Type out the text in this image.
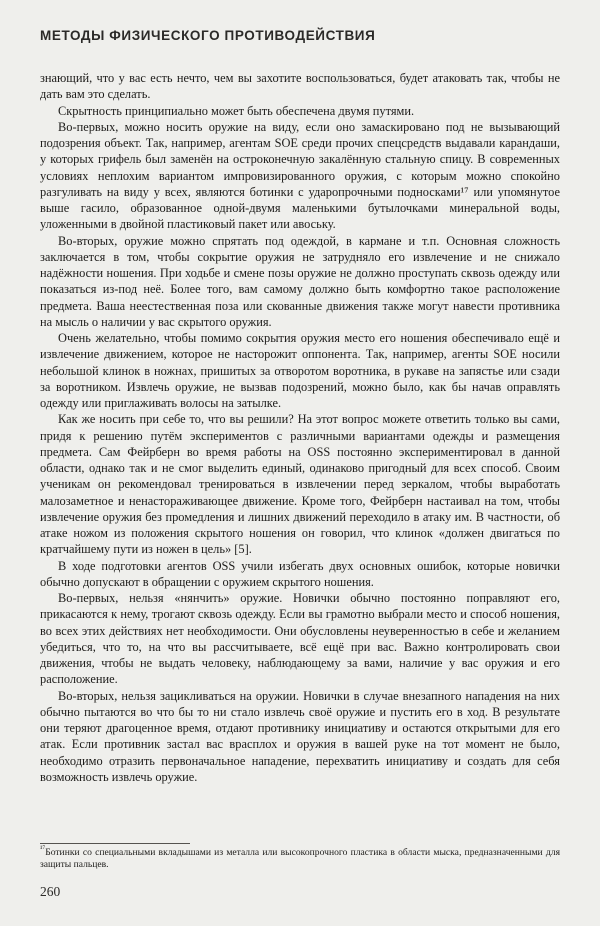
МЕТОДЫ ФИЗИЧЕСКОГО ПРОТИВОДЕЙСТВИЯ

знающий, что у вас есть нечто, чем вы захотите воспользоваться, будет атаковать так, чтобы не дать вам это сделать.

Скрытность принципиально может быть обеспечена двумя путями.

Во-первых, можно носить оружие на виду, если оно замаскировано под не вызывающий подозрения объект. Так, например, агентам SOE среди прочих спецсредств выдавали карандаши, у которых грифель был заменён на остроконечную закалённую стальную спицу. В современных условиях неплохим вариантом импровизированного оружия, с которым можно спокойно разгуливать на виду у всех, являются ботинки с ударопрочными подносками¹⁷ или упомянутое выше гасило, образованное одной-двумя маленькими бутылочками минеральной воды, уложенными в двойной пластиковый пакет или авоську.

Во-вторых, оружие можно спрятать под одеждой, в кармане и т.п. Основная сложность заключается в том, чтобы сокрытие оружия не затрудняло его извлечение и не снижало надёжности ношения. При ходьбе и смене позы оружие не должно проступать сквозь одежду или показаться из-под неё. Более того, вам самому должно быть комфортно такое расположение предмета. Ваша неестественная поза или скованные движения также могут навести противника на мысль о наличии у вас скрытого оружия.

Очень желательно, чтобы помимо сокрытия оружия место его ношения обеспечивало ещё и извлечение движением, которое не насторожит оппонента. Так, например, агенты SOE носили небольшой клинок в ножнах, пришитых за отворотом воротника, в рукаве на запястье или сзади за воротником. Извлечь оружие, не вызвав подозрений, можно было, как бы начав оправлять одежду или приглаживать волосы на затылке.

Как же носить при себе то, что вы решили? На этот вопрос можете ответить только вы сами, придя к решению путём экспериментов с различными вариантами одежды и размещения предмета. Сам Фейрберн во время работы на OSS постоянно экспериментировал в данной области, однако так и не смог выделить единый, одинаково пригодный для всех способ. Своим ученикам он рекомендовал тренироваться в извлечении перед зеркалом, чтобы выработать малозаметное и ненастораживающее движение. Кроме того, Фейрберн настаивал на том, чтобы извлечение оружия без промедления и лишних движений переходило в атаку им. В частности, об атаке ножом из положения скрытого ношения он говорил, что клинок «должен двигаться по кратчайшему пути из ножен в цель» [5].

В ходе подготовки агентов OSS учили избегать двух основных ошибок, которые новички обычно допускают в обращении с оружием скрытого ношения.

Во-первых, нельзя «нянчить» оружие. Новички обычно постоянно поправляют его, прикасаются к нему, трогают сквозь одежду. Если вы грамотно выбрали место и способ ношения, во всех этих действиях нет необходимости. Они обусловлены неуверенностью в себе и желанием убедиться, что то, на что вы рассчитываете, всё ещё при вас. Важно контролировать свои движения, чтобы не выдать человеку, наблюдающему за вами, наличие у вас оружия и его расположение.

Во-вторых, нельзя зацикливаться на оружии. Новички в случае внезапного нападения на них обычно пытаются во что бы то ни стало извлечь своё оружие и пустить его в ход. В результате они теряют драгоценное время, отдают противнику инициативу и остаются открытыми для его атак. Если противник застал вас врасплох и оружия в вашей руке на тот момент не было, необходимо отразить первоначальное нападение, перехватить инициативу и создать для себя возможность извлечь оружие.

$^{^{17}}$Ботинки со специальными вкладышами из металла или высокопрочного пластика в области мыска, предназначенными для защиты пальцев.

260
